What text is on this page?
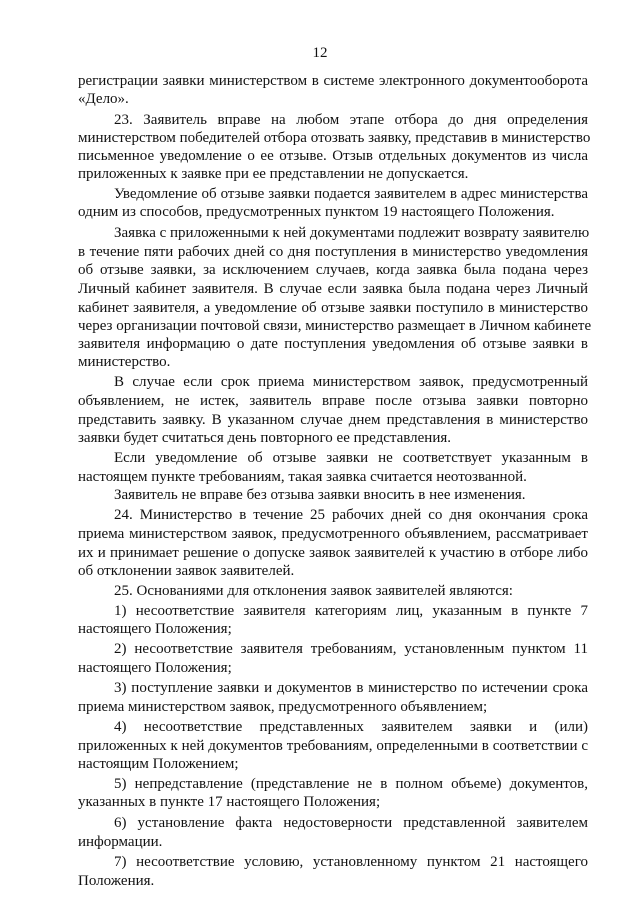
12
регистрации заявки министерством в системе электронного документооборота
«Дело».
23. Заявитель вправе на любом этапе отбора до дня определения
министерством победителей отбора отозвать заявку, представив в министерство
письменное уведомление о ее отзыве. Отзыв отдельных документов из числа
приложенных к заявке при ее представлении не допускается.
Уведомление об отзыве заявки подается заявителем в адрес министерства
одним из способов, предусмотренных пунктом 19 настоящего Положения.
Заявка с приложенными к ней документами подлежит возврату заявителю
в течение пяти рабочих дней со дня поступления в министерство уведомления
об отзыве заявки, за исключением случаев, когда заявка была подана через
Личный кабинет заявителя. В случае если заявка была подана через Личный
кабинет заявителя, а уведомление об отзыве заявки поступило в министерство
через организации почтовой связи, министерство размещает в Личном кабинете
заявителя информацию о дате поступления уведомления об отзыве заявки в
министерство.
В случае если срок приема министерством заявок, предусмотренный
объявлением, не истек, заявитель вправе после отзыва заявки повторно
представить заявку. В указанном случае днем представления в министерство
заявки будет считаться день повторного ее представления.
Если уведомление об отзыве заявки не соответствует указанным в
настоящем пункте требованиям, такая заявка считается неотозванной.
Заявитель не вправе без отзыва заявки вносить в нее изменения.
24. Министерство в течение 25 рабочих дней со дня окончания срока
приема министерством заявок, предусмотренного объявлением, рассматривает
их и принимает решение о допуске заявок заявителей к участию в отборе либо
об отклонении заявок заявителей.
25. Основаниями для отклонения заявок заявителей являются:
1) несоответствие заявителя категориям лиц, указанным в пункте 7
настоящего Положения;
2) несоответствие заявителя требованиям, установленным пунктом 11
настоящего Положения;
3) поступление заявки и документов в министерство по истечении срока
приема министерством заявок, предусмотренного объявлением;
4) несоответствие представленных заявителем заявки и (или)
приложенных к ней документов требованиям, определенными в соответствии с
настоящим Положением;
5) непредставление (представление не в полном объеме) документов,
указанных в пункте 17 настоящего Положения;
6) установление факта недостоверности представленной заявителем
информации.
7) несоответствие условию, установленному пунктом 21 настоящего
Положения.
